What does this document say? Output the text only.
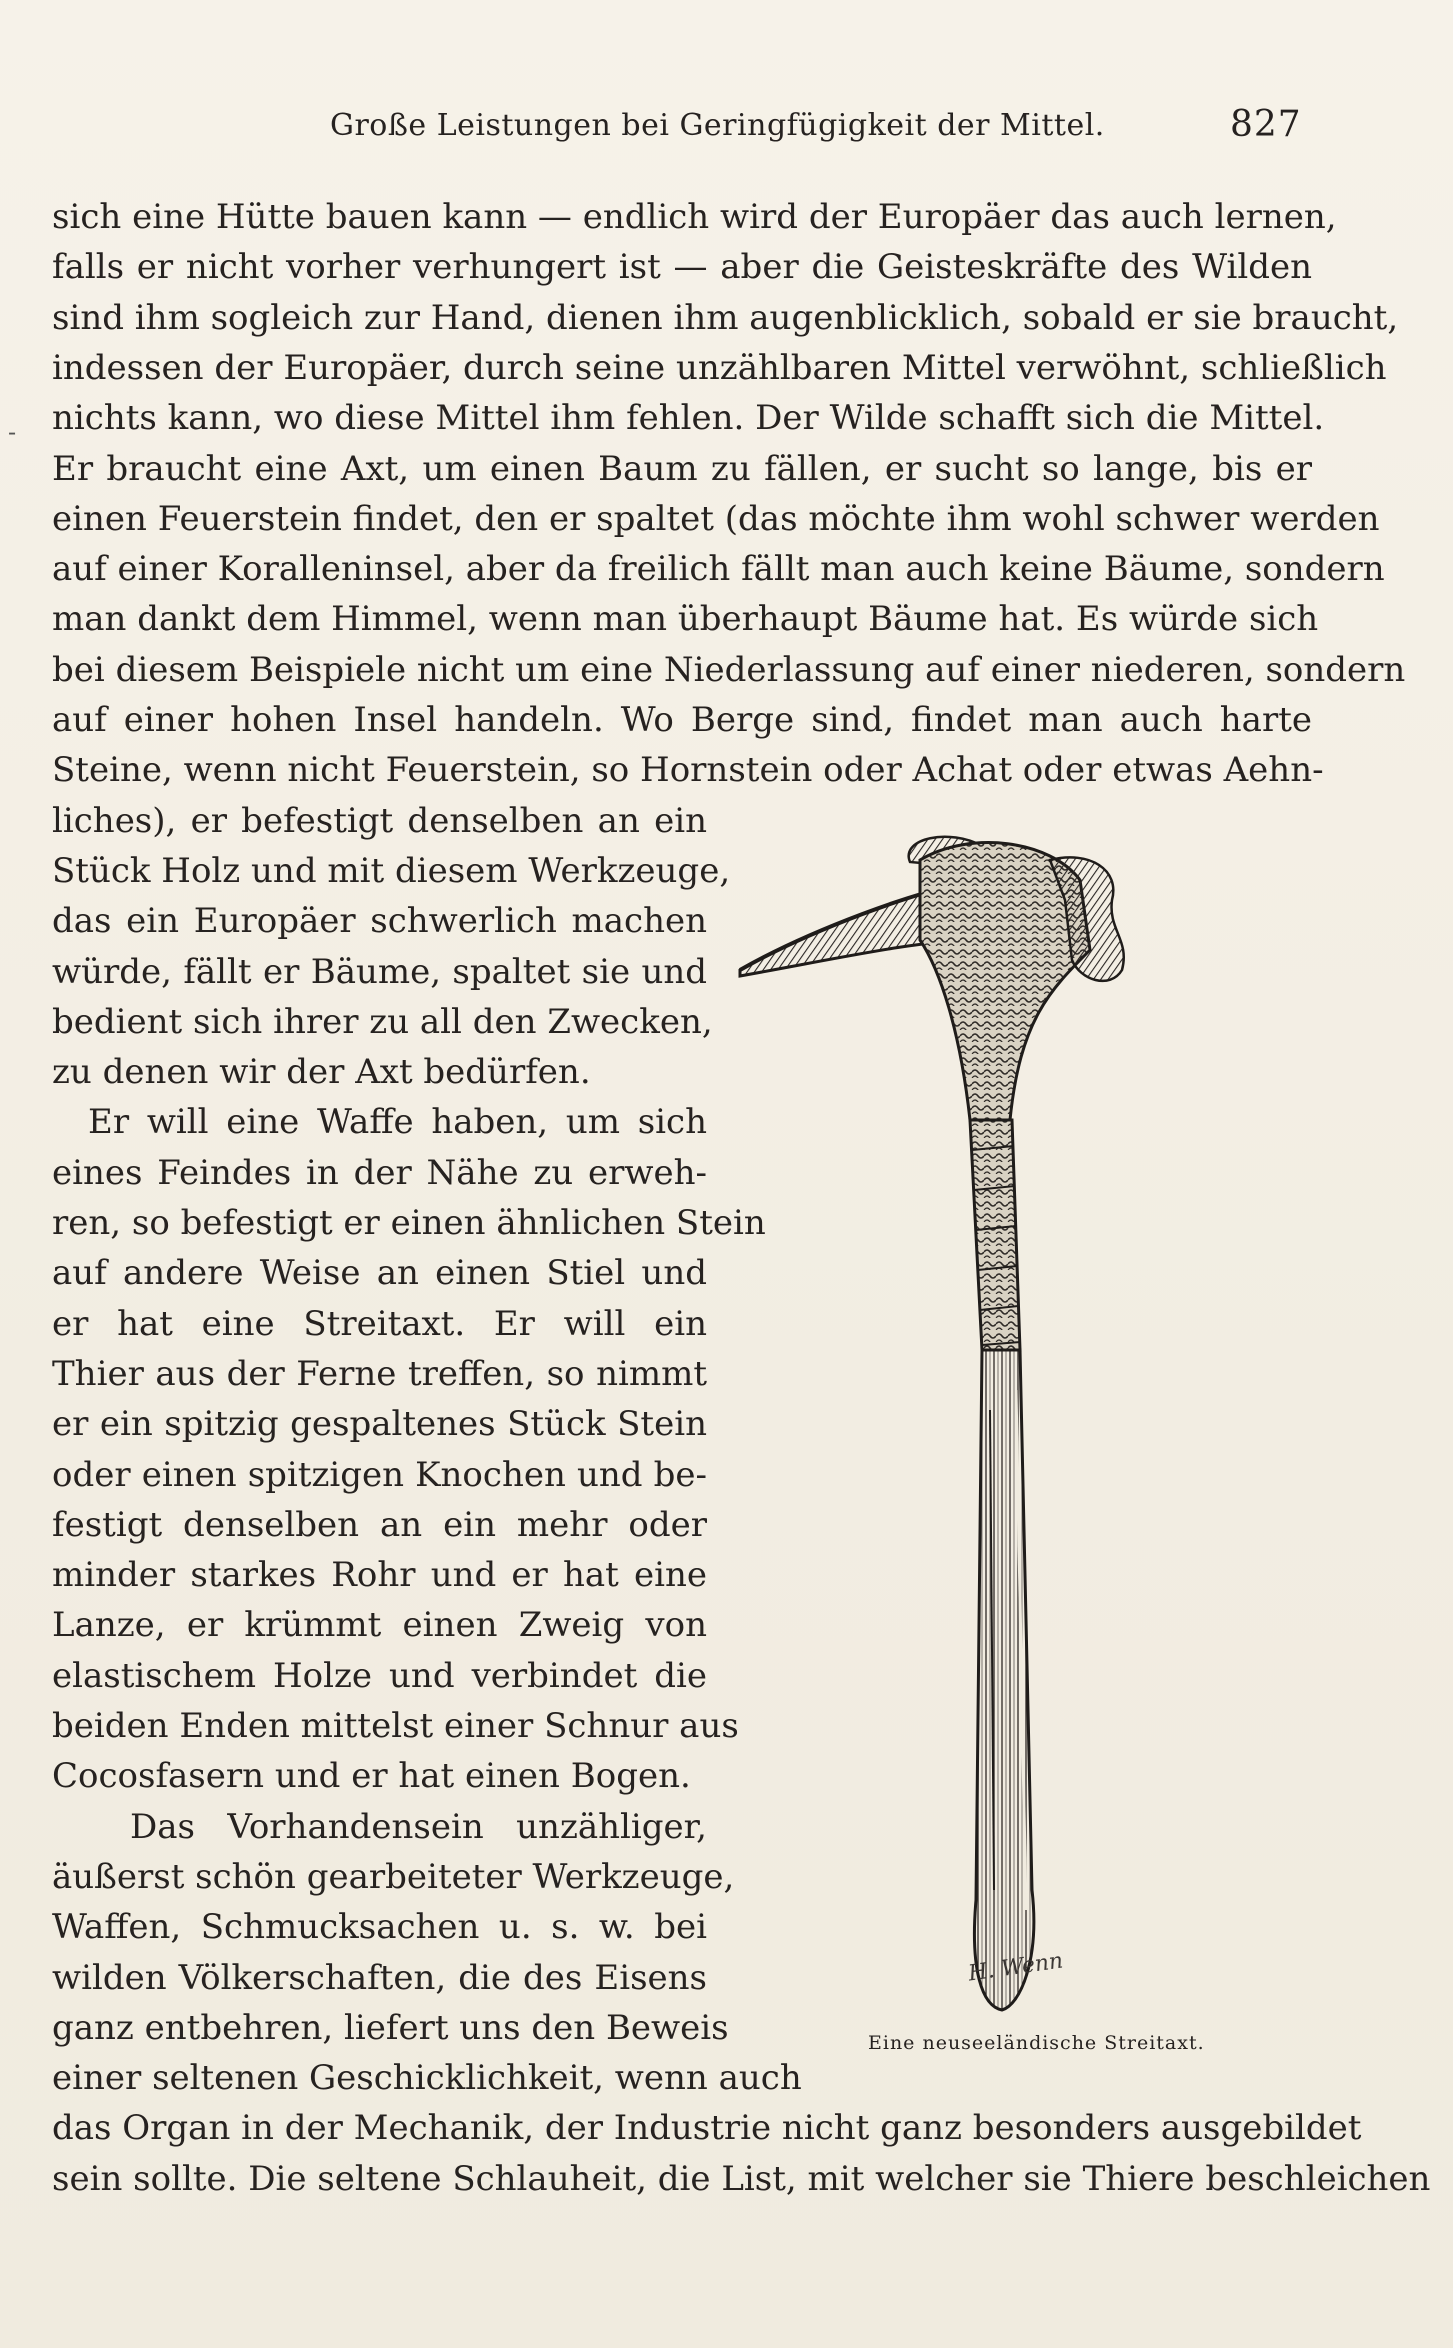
Große Leistungen bei Geringfügigkeit der Mittel.	827
-
sich eine Hütte bauen kann — endlich wird der Europäer das auch lernen,
falls er nicht vorher verhungert ist — aber die Geisteskräfte des Wilden
sind ihm sogleich zur Hand, dienen ihm augenblicklich, sobald er sie braucht,
indessen der Europäer, durch seine unzählbaren Mittel verwöhnt, schließlich
nichts kann, wo diese Mittel ihm fehlen. Der Wilde schafft sich die Mittel.
Er braucht eine Axt, um einen Baum zu fällen, er sucht so lange, bis er
einen Feuerstein findet, den er spaltet (das möchte ihm wohl schwer werden
auf einer Koralleninsel, aber da freilich fällt man auch keine Bäume, sondern
man dankt dem Himmel, wenn man überhaupt Bäume hat. Es würde sich
bei diesem Beispiele nicht um eine Niederlassung auf einer niederen, sondern
auf einer hohen Insel handeln. Wo Berge sind, findet man auch harte
Steine, wenn nicht Feuerstein, so Hornstein oder Achat oder etwas Aehn-
liches), er befestigt denselben an ein
Stück Holz und mit diesem Werkzeuge,
das ein Europäer schwerlich machen
würde, fällt er Bäume, spaltet sie und
bedient sich ihrer zu all den Zwecken,
zu denen wir der Axt bedürfen.
Er will eine Waffe haben, um sich
eines Feindes in der Nähe zu erweh-
ren, so befestigt er einen ähnlichen Stein
auf andere Weise an einen Stiel und
er hat eine Streitaxt. Er will ein
Thier aus der Ferne treffen, so nimmt
er ein spitzig gespaltenes Stück Stein
oder einen spitzigen Knochen und be-
festigt denselben an ein mehr oder
minder starkes Rohr und er hat eine
Lanze, er krümmt einen Zweig von
elastischem Holze und verbindet die
beiden Enden mittelst einer Schnur aus
Cocosfasern und er hat einen Bogen.
Das Vorhandensein unzähliger,
äußerst schön gearbeiteter Werkzeuge,
Waffen, Schmucksachen u. s. w. bei
wilden Völkerschaften, die des Eisens
ganz entbehren, liefert uns den Beweis
einer seltenen Geschicklichkeit, wenn auch
das Organ in der Mechanik, der Industrie nicht ganz besonders ausgebildet
sein sollte. Die seltene Schlauheit, die List, mit welcher sie Thiere beschleichen
H. Wenn
Eine neuseeländische Streitaxt.
